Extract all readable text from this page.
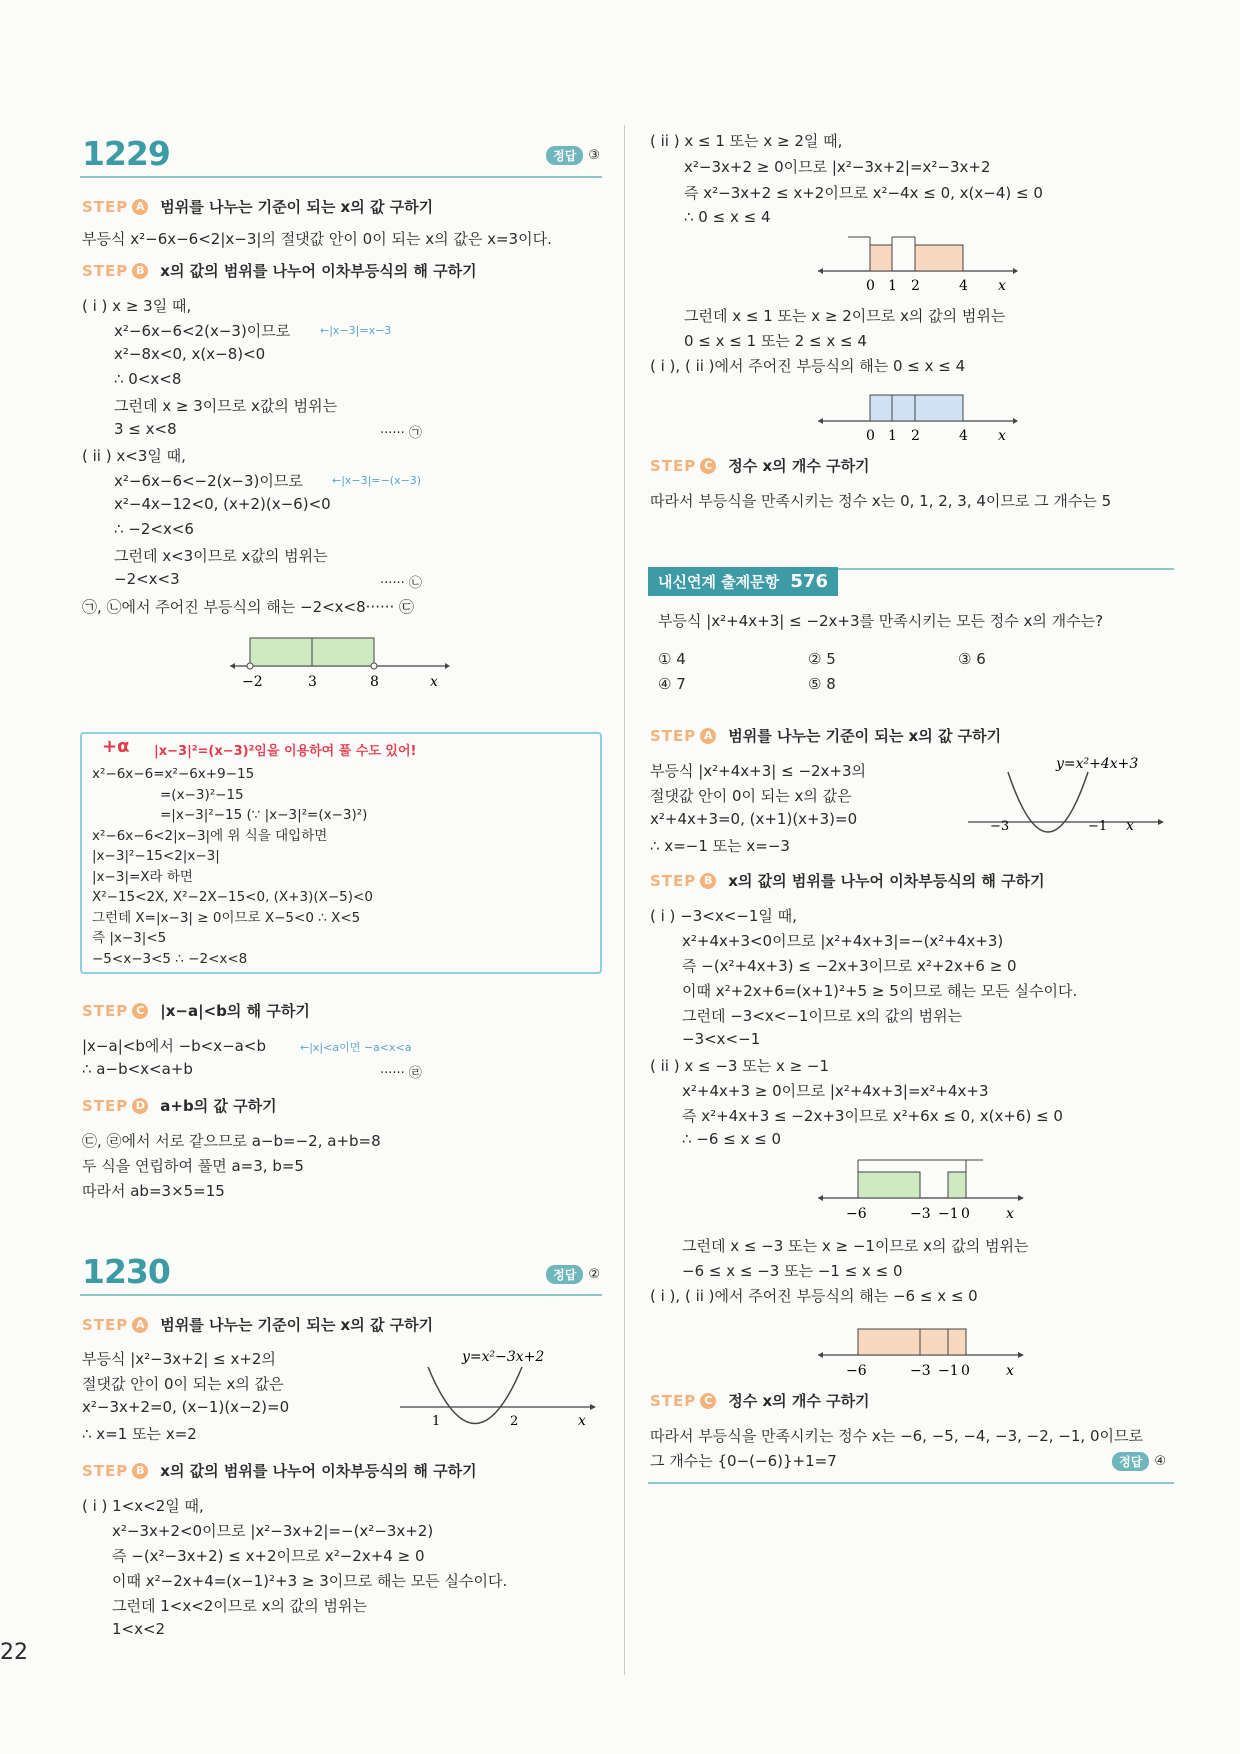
22
1229	정답 ③
STEP A 범위를 나누는 기준이 되는 x의 값 구하기
부등식 x²−6x−6<2|x−3|의 절댓값 안이 0이 되는 x의 값은 x=3이다.
STEP B x의 값의 범위를 나누어 이차부등식의 해 구하기
( i ) x ≥ 3일 때,
x²−6x−6<2(x−3)이므로	←|x−3|=x−3
x²−8x<0, x(x−8)<0
∴ 0<x<8
그런데 x ≥ 3이므로 x값의 범위는
3 ≤ x<8	······ ㉠
( ii ) x<3일 때,
x²−6x−6<−2(x−3)이므로	←|x−3|=−(x−3)
x²−4x−12<0, (x+2)(x−6)<0
∴ −2<x<6
그런데 x<3이므로 x값의 범위는
−2<x<3	······ ㉡
㉠, ㉡에서 주어진 부등식의 해는 −2<x<8······ ㉢
−2	3	8	x
+α |x−3|²=(x−3)²임을 이용하여 풀 수도 있어!
x²−6x−6=x²−6x+9−15
=(x−3)²−15
=|x−3|²−15 (∵ |x−3|²=(x−3)²)
x²−6x−6<2|x−3|에 위 식을 대입하면
|x−3|²−15<2|x−3|
|x−3|=X라 하면
X²−15<2X, X²−2X−15<0, (X+3)(X−5)<0
그런데 X=|x−3| ≥ 0이므로 X−5<0 ∴ X<5
즉 |x−3|<5
−5<x−3<5 ∴ −2<x<8
STEP C |x−a|<b의 해 구하기
|x−a|<b에서 −b<x−a<b	←|x|<a이면 −a<x<a
∴ a−b<x<a+b	······ ㉣
STEP D a+b의 값 구하기
㉢, ㉣에서 서로 같으므로 a−b=−2, a+b=8
두 식을 연립하여 풀면 a=3, b=5
따라서 ab=3×5=15
1230	정답 ②
STEP A 범위를 나누는 기준이 되는 x의 값 구하기
부등식 |x²−3x+2| ≤ x+2의
절댓값 안이 0이 되는 x의 값은
x²−3x+2=0, (x−1)(x−2)=0
∴ x=1 또는 x=2
y=x²−3x+2
1	2	x
STEP B x의 값의 범위를 나누어 이차부등식의 해 구하기
( i ) 1<x<2일 때,
x²−3x+2<0이므로 |x²−3x+2|=−(x²−3x+2)
즉 −(x²−3x+2) ≤ x+2이므로 x²−2x+4 ≥ 0
이때 x²−2x+4=(x−1)²+3 ≥ 3이므로 해는 모든 실수이다.
그런데 1<x<2이므로 x의 값의 범위는
1<x<2
( ii ) x ≤ 1 또는 x ≥ 2일 때,
x²−3x+2 ≥ 0이므로 |x²−3x+2|=x²−3x+2
즉 x²−3x+2 ≤ x+2이므로 x²−4x ≤ 0, x(x−4) ≤ 0
∴ 0 ≤ x ≤ 4
0 1 2	4 x
그런데 x ≤ 1 또는 x ≥ 2이므로 x의 값의 범위는
0 ≤ x ≤ 1 또는 2 ≤ x ≤ 4
( i ), ( ii )에서 주어진 부등식의 해는 0 ≤ x ≤ 4
0 1 2	4 x
STEP C 정수 x의 개수 구하기
따라서 부등식을 만족시키는 정수 x는 0, 1, 2, 3, 4이므로 그 개수는 5
내신연계 출제문항 576
부등식 |x²+4x+3| ≤ −2x+3를 만족시키는 모든 정수 x의 개수는?
① 4	② 5	③ 6
④ 7	⑤ 8
STEP A 범위를 나누는 기준이 되는 x의 값 구하기
부등식 |x²+4x+3| ≤ −2x+3의
절댓값 안이 0이 되는 x의 값은
x²+4x+3=0, (x+1)(x+3)=0
∴ x=−1 또는 x=−3
y=x²+4x+3
−3	−1 x
STEP B x의 값의 범위를 나누어 이차부등식의 해 구하기
( i ) −3<x<−1일 때,
x²+4x+3<0이므로 |x²+4x+3|=−(x²+4x+3)
즉 −(x²+4x+3) ≤ −2x+3이므로 x²+2x+6 ≥ 0
이때 x²+2x+6=(x+1)²+5 ≥ 5이므로 해는 모든 실수이다.
그런데 −3<x<−1이므로 x의 값의 범위는
−3<x<−1
( ii ) x ≤ −3 또는 x ≥ −1
x²+4x+3 ≥ 0이므로 |x²+4x+3|=x²+4x+3
즉 x²+4x+3 ≤ −2x+3이므로 x²+6x ≤ 0, x(x+6) ≤ 0
∴ −6 ≤ x ≤ 0
−6	−3 −1 0	x
그런데 x ≤ −3 또는 x ≥ −1이므로 x의 값의 범위는
−6 ≤ x ≤ −3 또는 −1 ≤ x ≤ 0
( i ), ( ii )에서 주어진 부등식의 해는 −6 ≤ x ≤ 0
−6	−3 −1 0	x
STEP C 정수 x의 개수 구하기
따라서 부등식을 만족시키는 정수 x는 −6, −5, −4, −3, −2, −1, 0이므로
그 개수는 {0−(−6)}+1=7	정답 ④
